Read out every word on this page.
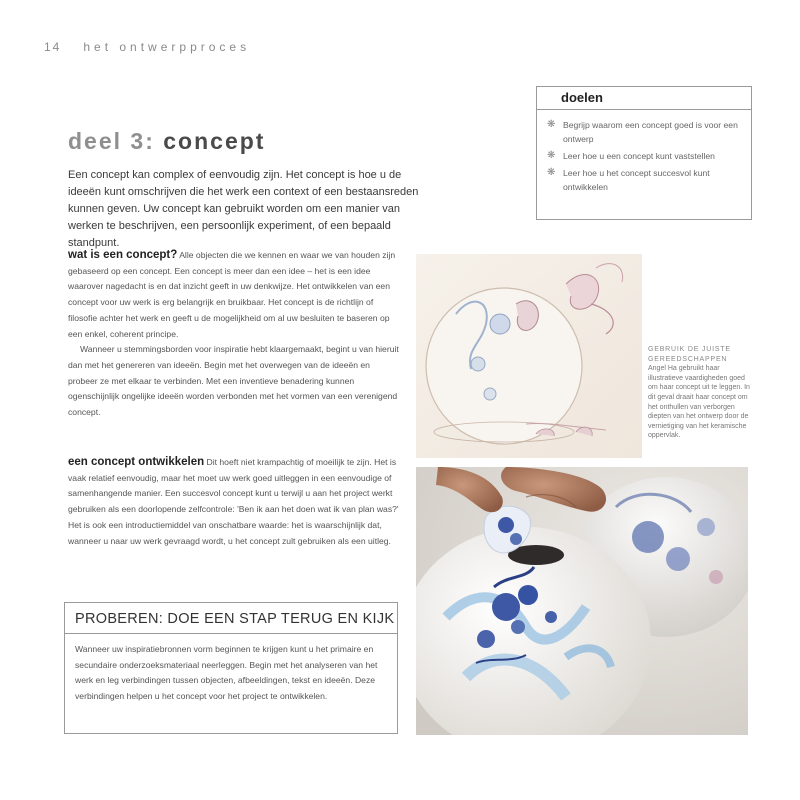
14 het ontwerpproces
deel 3: concept
Een concept kan complex of eenvoudig zijn. Het concept is hoe u de ideeën kunt omschrijven die het werk een context of een bestaansreden kunnen geven. Uw concept kan gebruikt worden om een manier van werken te beschrijven, een persoonlijk experiment, of een bepaald standpunt.

wat is een concept? Alle objecten die we kennen en waar we van houden zijn gebaseerd op een concept. Een concept is meer dan een idee – het is een idee waarover nagedacht is en dat inzicht geeft in uw denkwijze. Het ontwikkelen van een concept voor uw werk is erg belangrijk en bruikbaar. Het concept is de richtlijn of filosofie achter het werk en geeft u de mogelijkheid om al uw besluiten te baseren op een enkel, coherent principe.

Wanneer u stemmingsborden voor inspiratie hebt klaargemaakt, begint u van hieruit dan met het genereren van ideeën. Begin met het overwegen van de ideeën en probeer ze met elkaar te verbinden. Met een inventieve benadering kunnen ogenschijnlijk ongelijke ideeën worden verbonden met het vormen van een verenigend concept.

een concept ontwikkelen Dit hoeft niet krampachtig of moeilijk te zijn. Het is vaak relatief eenvoudig, maar het moet uw werk goed uitleggen in een eenvoudige of samenhangende manier. Een succesvol concept kunt u terwijl u aan het project werkt gebruiken als een doorlopende zelfcontrole: 'Ben ik aan het doen wat ik van plan was?' Het is ook een introductiemiddel van onschatbare waarde: het is waarschijnlijk dat, wanneer u naar uw werk gevraagd wordt, u het concept zult gebruiken als een uitleg.

doelen
❋ Begrijp waarom een concept goed is voor een ontwerp
❋ Leer hoe u een concept kunt vaststellen
❋ Leer hoe u het concept succesvol kunt ontwikkelen
GEBRUIK DE JUISTE GEREEDSCHAPPEN
Angel Ha gebruikt haar illustratieve vaardigheden goed om haar concept uit te leggen. In dit geval draait haar concept om het onthullen van verborgen diepten van het ontwerp door de vernietiging van het keramische oppervlak.
PROBEREN: DOE EEN STAP TERUG EN KIJK
Wanneer uw inspiratiebronnen vorm beginnen te krijgen kunt u het primaire en secundaire onderzoeksmateriaal neerleggen. Begin met het analyseren van het werk en leg verbindingen tussen objecten, afbeeldingen, tekst en ideeën. Deze verbindingen helpen u het concept voor het project te ontwikkelen.
